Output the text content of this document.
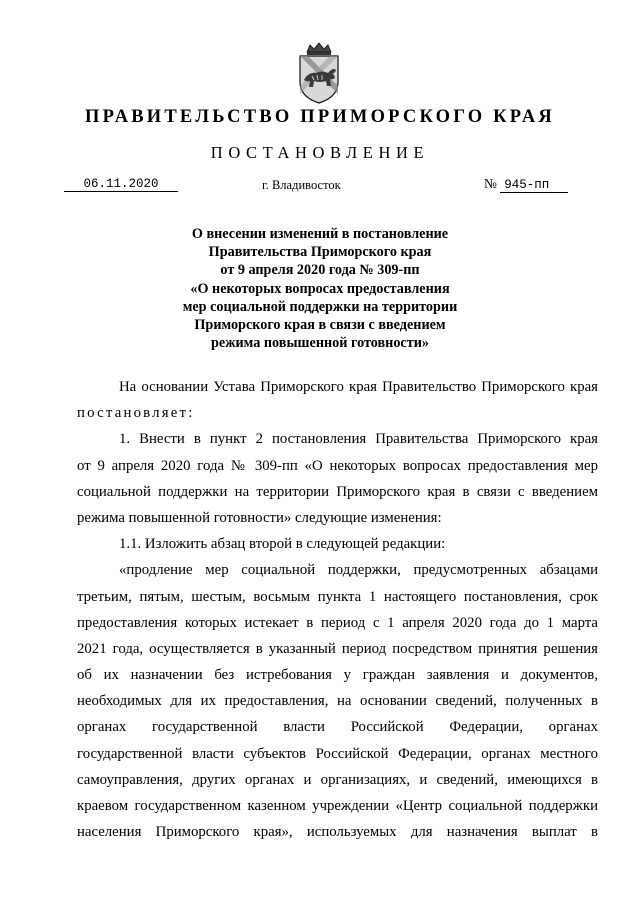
ПРАВИТЕЛЬСТВО ПРИМОРСКОГО КРАЯ
ПОСТАНОВЛЕНИЕ
06.11.2020	г. Владивосток	№ 945-пп
О внесении изменений в постановление
Правительства Приморского края
от 9 апреля 2020 года № 309-пп
«О некоторых вопросах предоставления
мер социальной поддержки на территории
Приморского края в связи с введением
режима повышенной готовности»
На основании Устава Приморского края Правительство Приморского края
постановляет:
1. Внести в пункт 2 постановления Правительства Приморского края
от 9 апреля 2020 года № 309-пп «О некоторых вопросах предоставления мер
социальной поддержки на территории Приморского края в связи с введением
режима повышенной готовности» следующие изменения:
1.1. Изложить абзац второй в следующей редакции:
«продление мер социальной поддержки, предусмотренных абзацами
третьим, пятым, шестым, восьмым пункта 1 настоящего постановления, срок
предоставления которых истекает в период с 1 апреля 2020 года до 1 марта
2021 года, осуществляется в указанный период посредством принятия решения
об их назначении без истребования у граждан заявления и документов,
необходимых для их предоставления, на основании сведений, полученных в
органах государственной власти Российской Федерации, органах
государственной власти субъектов Российской Федерации, органах местного
самоуправления, других органах и организациях, и сведений, имеющихся в
краевом государственном казенном учреждении «Центр социальной поддержки
населения Приморского края», используемых для назначения выплат в
